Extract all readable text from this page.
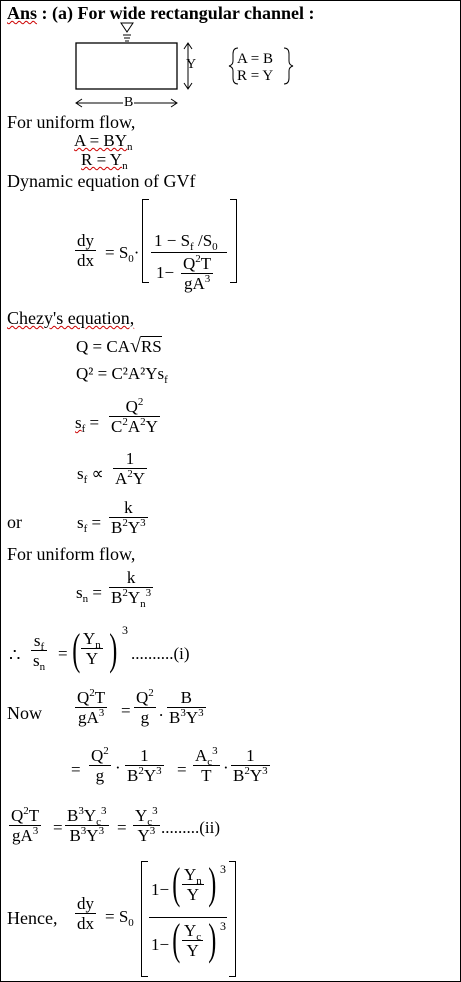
Ans : (a) For wide rectangular channel :
Y
B
A = B
R = Y
For uniform flow,
$A = BY_n$
$R = Y_n$
Dynamic equation of GVf
dy
dx = $S_0\cdot$
$1 - S_f$ $/S_0$
$1- Q^2T$
$gA^3$
Chezy's equation,
Q = CA√RS
$Q^2 = C^2A^2Ys_f$
$s_f$ =
$Q^2$
$C^2A^2Y$
$s_f$ ∝
1
$A^2Y$
or	$s_f$ =
k
$B^2Y^3$
For uniform flow,
$s_n$ =
k
$B^2Y_n^3$
∴
$s_f$
$s_n$
= ( $Y_n$
Y ) 3
..........(i)
Now
$Q^2T$
$gA^3$ =
$Q^2$
g .
B
$B^3Y^3$
=
$Q^2$
g ·
1
$B^2Y^3$ =
$A_c^3$
T ·
1
$B^2Y^3$
$Q^2T$
$gA^3$ =
$B^3Y_c^3$
$B^3Y^3$ =
$Y_c^3$
$Y^3$ .........(ii)
Hence,
dy
dx = $S_0$
1− ( $Y_n$
Y ) 3
1− ( $Y_c$
Y ) 3
